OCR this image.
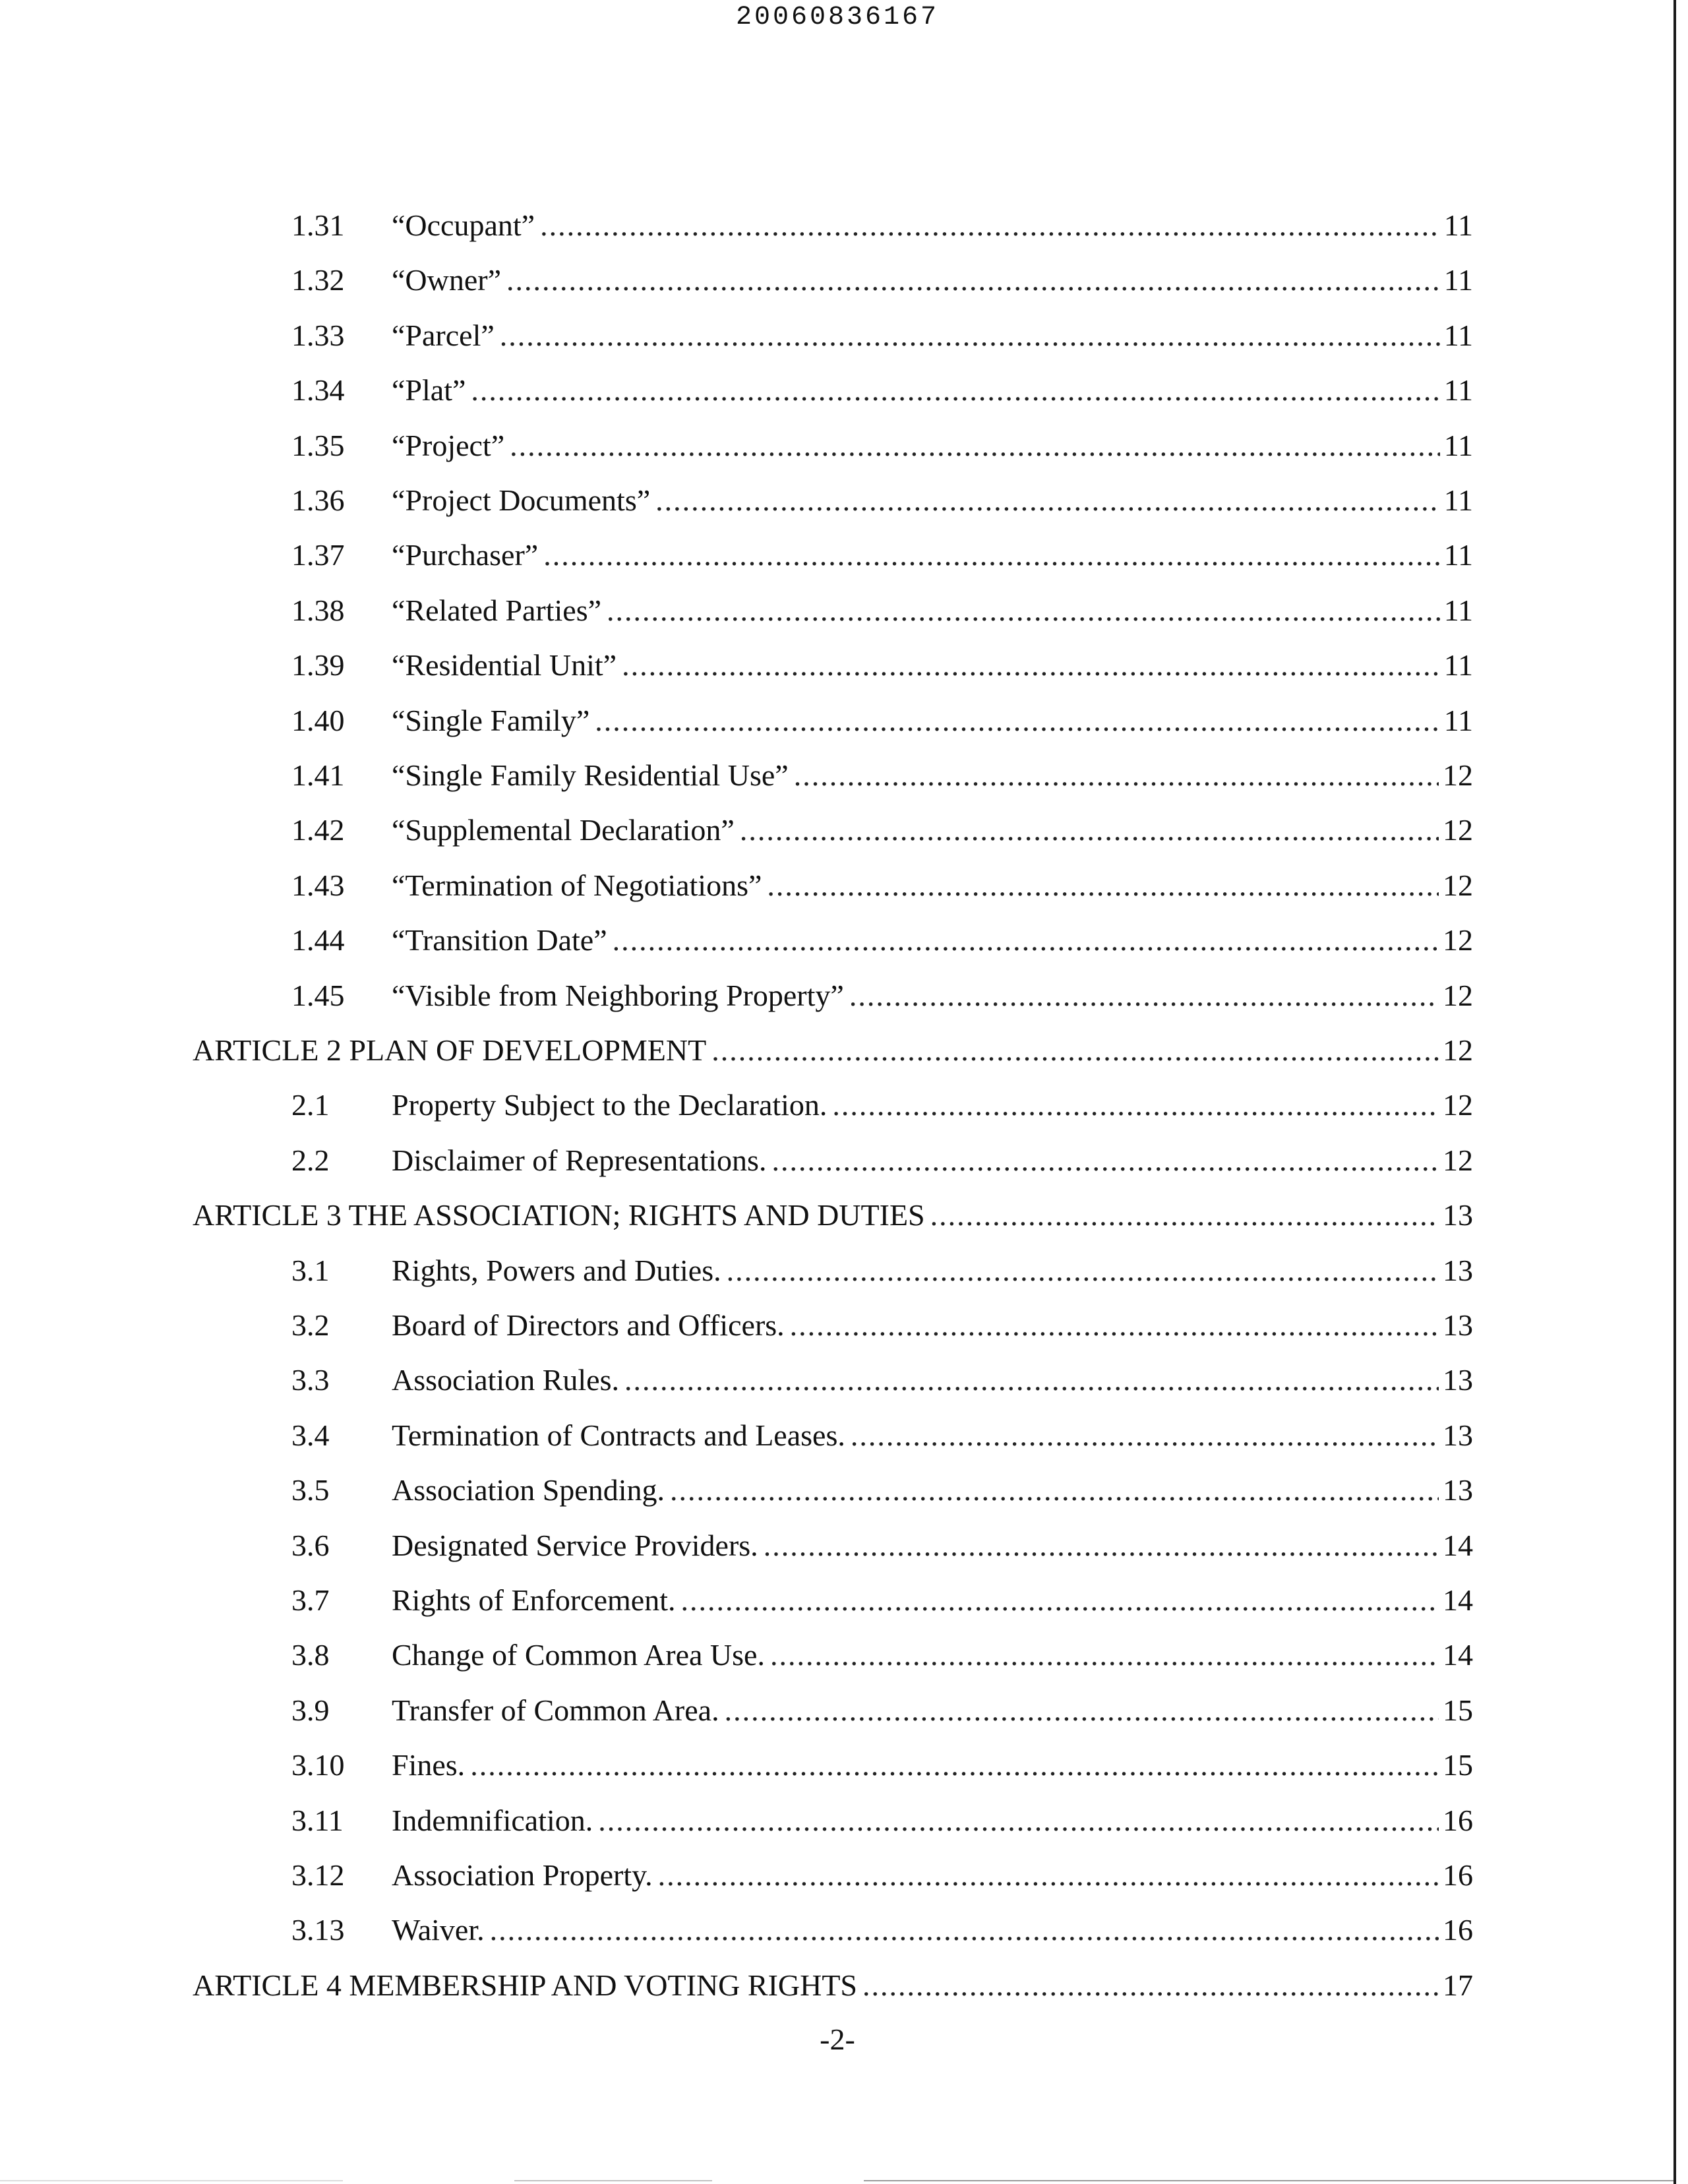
20060836167
1.31	“Occupant” .....	11
1.32	“Owner” .....	11
1.33	“Parcel” .....	11
1.34	“Plat” .....	11
1.35	“Project” .....	11
1.36	“Project Documents” .....	11
1.37	“Purchaser” .....	11
1.38	“Related Parties” .....	11
1.39	“Residential Unit” .....	11
1.40	“Single Family” .....	11
1.41	“Single Family Residential Use” .....	12
1.42	“Supplemental Declaration” .....	12
1.43	“Termination of Negotiations” .....	12
1.44	“Transition Date” .....	12
1.45	“Visible from Neighboring Property” .....	12
ARTICLE 2 PLAN OF DEVELOPMENT .....	12
2.1	Property Subject to the Declaration. .....	12
2.2	Disclaimer of Representations. .....	12
ARTICLE 3 THE ASSOCIATION; RIGHTS AND DUTIES .....	13
3.1	Rights, Powers and Duties. .....	13
3.2	Board of Directors and Officers. .....	13
3.3	Association Rules. .....	13
3.4	Termination of Contracts and Leases. .....	13
3.5	Association Spending. .....	13
3.6	Designated Service Providers. .....	14
3.7	Rights of Enforcement. .....	14
3.8	Change of Common Area Use. .....	14
3.9	Transfer of Common Area. .....	15
3.10	Fines. .....	15
3.11	Indemnification. .....	16
3.12	Association Property. .....	16
3.13	Waiver. .....	16
ARTICLE 4 MEMBERSHIP AND VOTING RIGHTS .....	17
-2-
